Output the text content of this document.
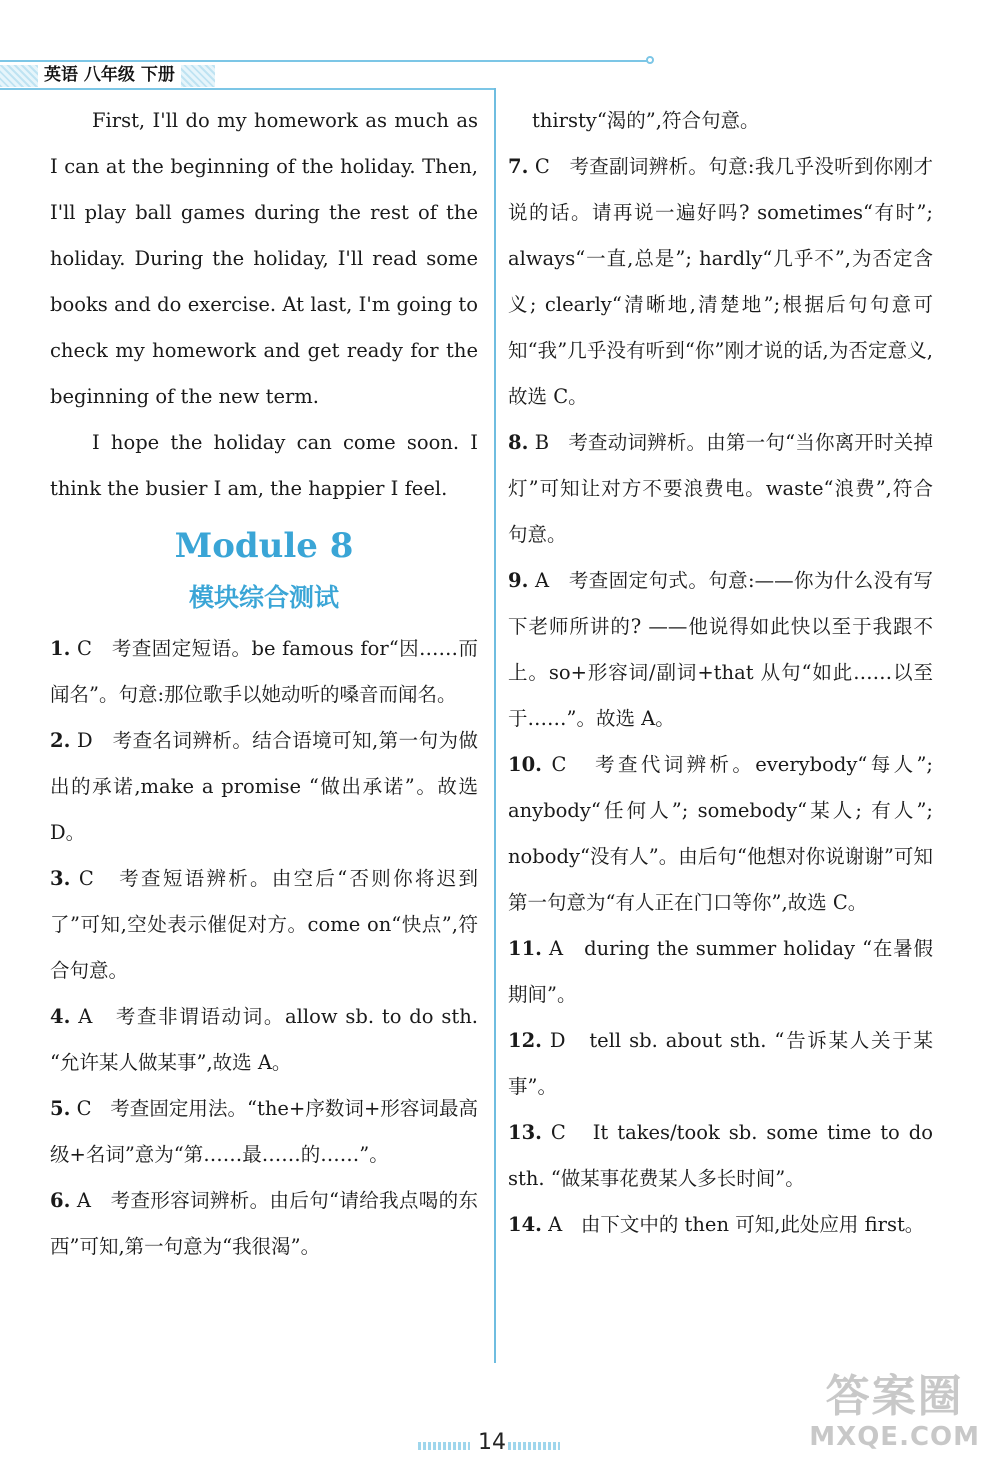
英语 八年级 下册

First, I'll do my homework as much as I can at the beginning of the holiday. Then, I'll play ball games during the rest of the holiday. During the holiday, I'll read some books and do exercise. At last, I'm going to check my homework and get ready for the beginning of the new term.

I hope the holiday can come soon. I think the busier I am, the happier I feel.

Module 8
模块综合测试

1. C 考查固定短语。be famous for“因……而闻名”。句意:那位歌手以她动听的嗓音而闻名。

2. D 考查名词辨析。结合语境可知,第一句为做出的承诺,make a promise “做出承诺”。故选 D。

3. C 考查短语辨析。由空后“否则你将迟到了”可知,空处表示催促对方。come on“快点”,符合句意。

4. A 考查非谓语动词。allow sb. to do sth. “允许某人做某事”,故选 A。

5. C 考查固定用法。“the+序数词+形容词最高级+名词”意为“第……最……的……”。

6. A 考查形容词辨析。由后句“请给我点喝的东西”可知,第一句意为“我很渴”。

thirsty“渴的”,符合句意。

7. C 考查副词辨析。句意:我几乎没听到你刚才说的话。请再说一遍好吗? sometimes“有时”; always“一直,总是”; hardly“几乎不”,为否定含义; clearly“清晰地,清楚地”;根据后句句意可知“我”几乎没有听到“你”刚才说的话,为否定意义,故选 C。

8. B 考查动词辨析。由第一句“当你离开时关掉灯”可知让对方不要浪费电。waste“浪费”,符合句意。

9. A 考查固定句式。句意:——你为什么没有写下老师所讲的? ——他说得如此快以至于我跟不上。so+形容词/副词+that 从句“如此……以至于……”。故选 A。

10. C 考查代词辨析。everybody“每人”; anybody“任何人”; somebody“某人; 有人”; nobody“没有人”。由后句“他想对你说谢谢”可知第一句意为“有人正在门口等你”,故选 C。

11. A during the summer holiday “在暑假期间”。

12. D tell sb. about sth. “告诉某人关于某事”。

13. C It takes/took sb. some time to do sth. “做某事花费某人多长时间”。

14. A 由下文中的 then 可知,此处应用 first。

14
答案圈
MXQE.COM
